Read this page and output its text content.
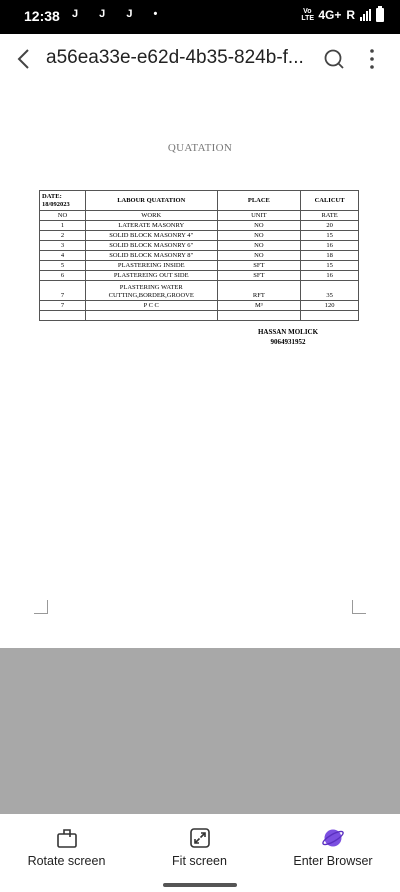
12:38 J J J •	Vo
LTE 4G+ R
a56ea33e-e62d-4b35-824b-f...
QUATATION
DATE:
18/092023	LABOUR QUATATION	PLACE	CALICUT
NO	WORK	UNIT	RATE
1	LATERATE MASONRY	NO	20
2	SOLID BLOCK MASONRY 4"	NO	15
3	SOLID BLOCK MASONRY 6"	NO	16
4	SOLID BLOCK MASONRY 8"	NO	18
5	PLASTEREING INSIDE	SFT	15
6	PLASTEREING OUT SIDE	SFT	16
7	PLASTERING WATER
CUTTING,BORDER,GROOVE	RFT	35
7	P C C	M³	120

HASSAN MOLICK
9064931952
Rotate screen	Fit screen	Enter Browser
